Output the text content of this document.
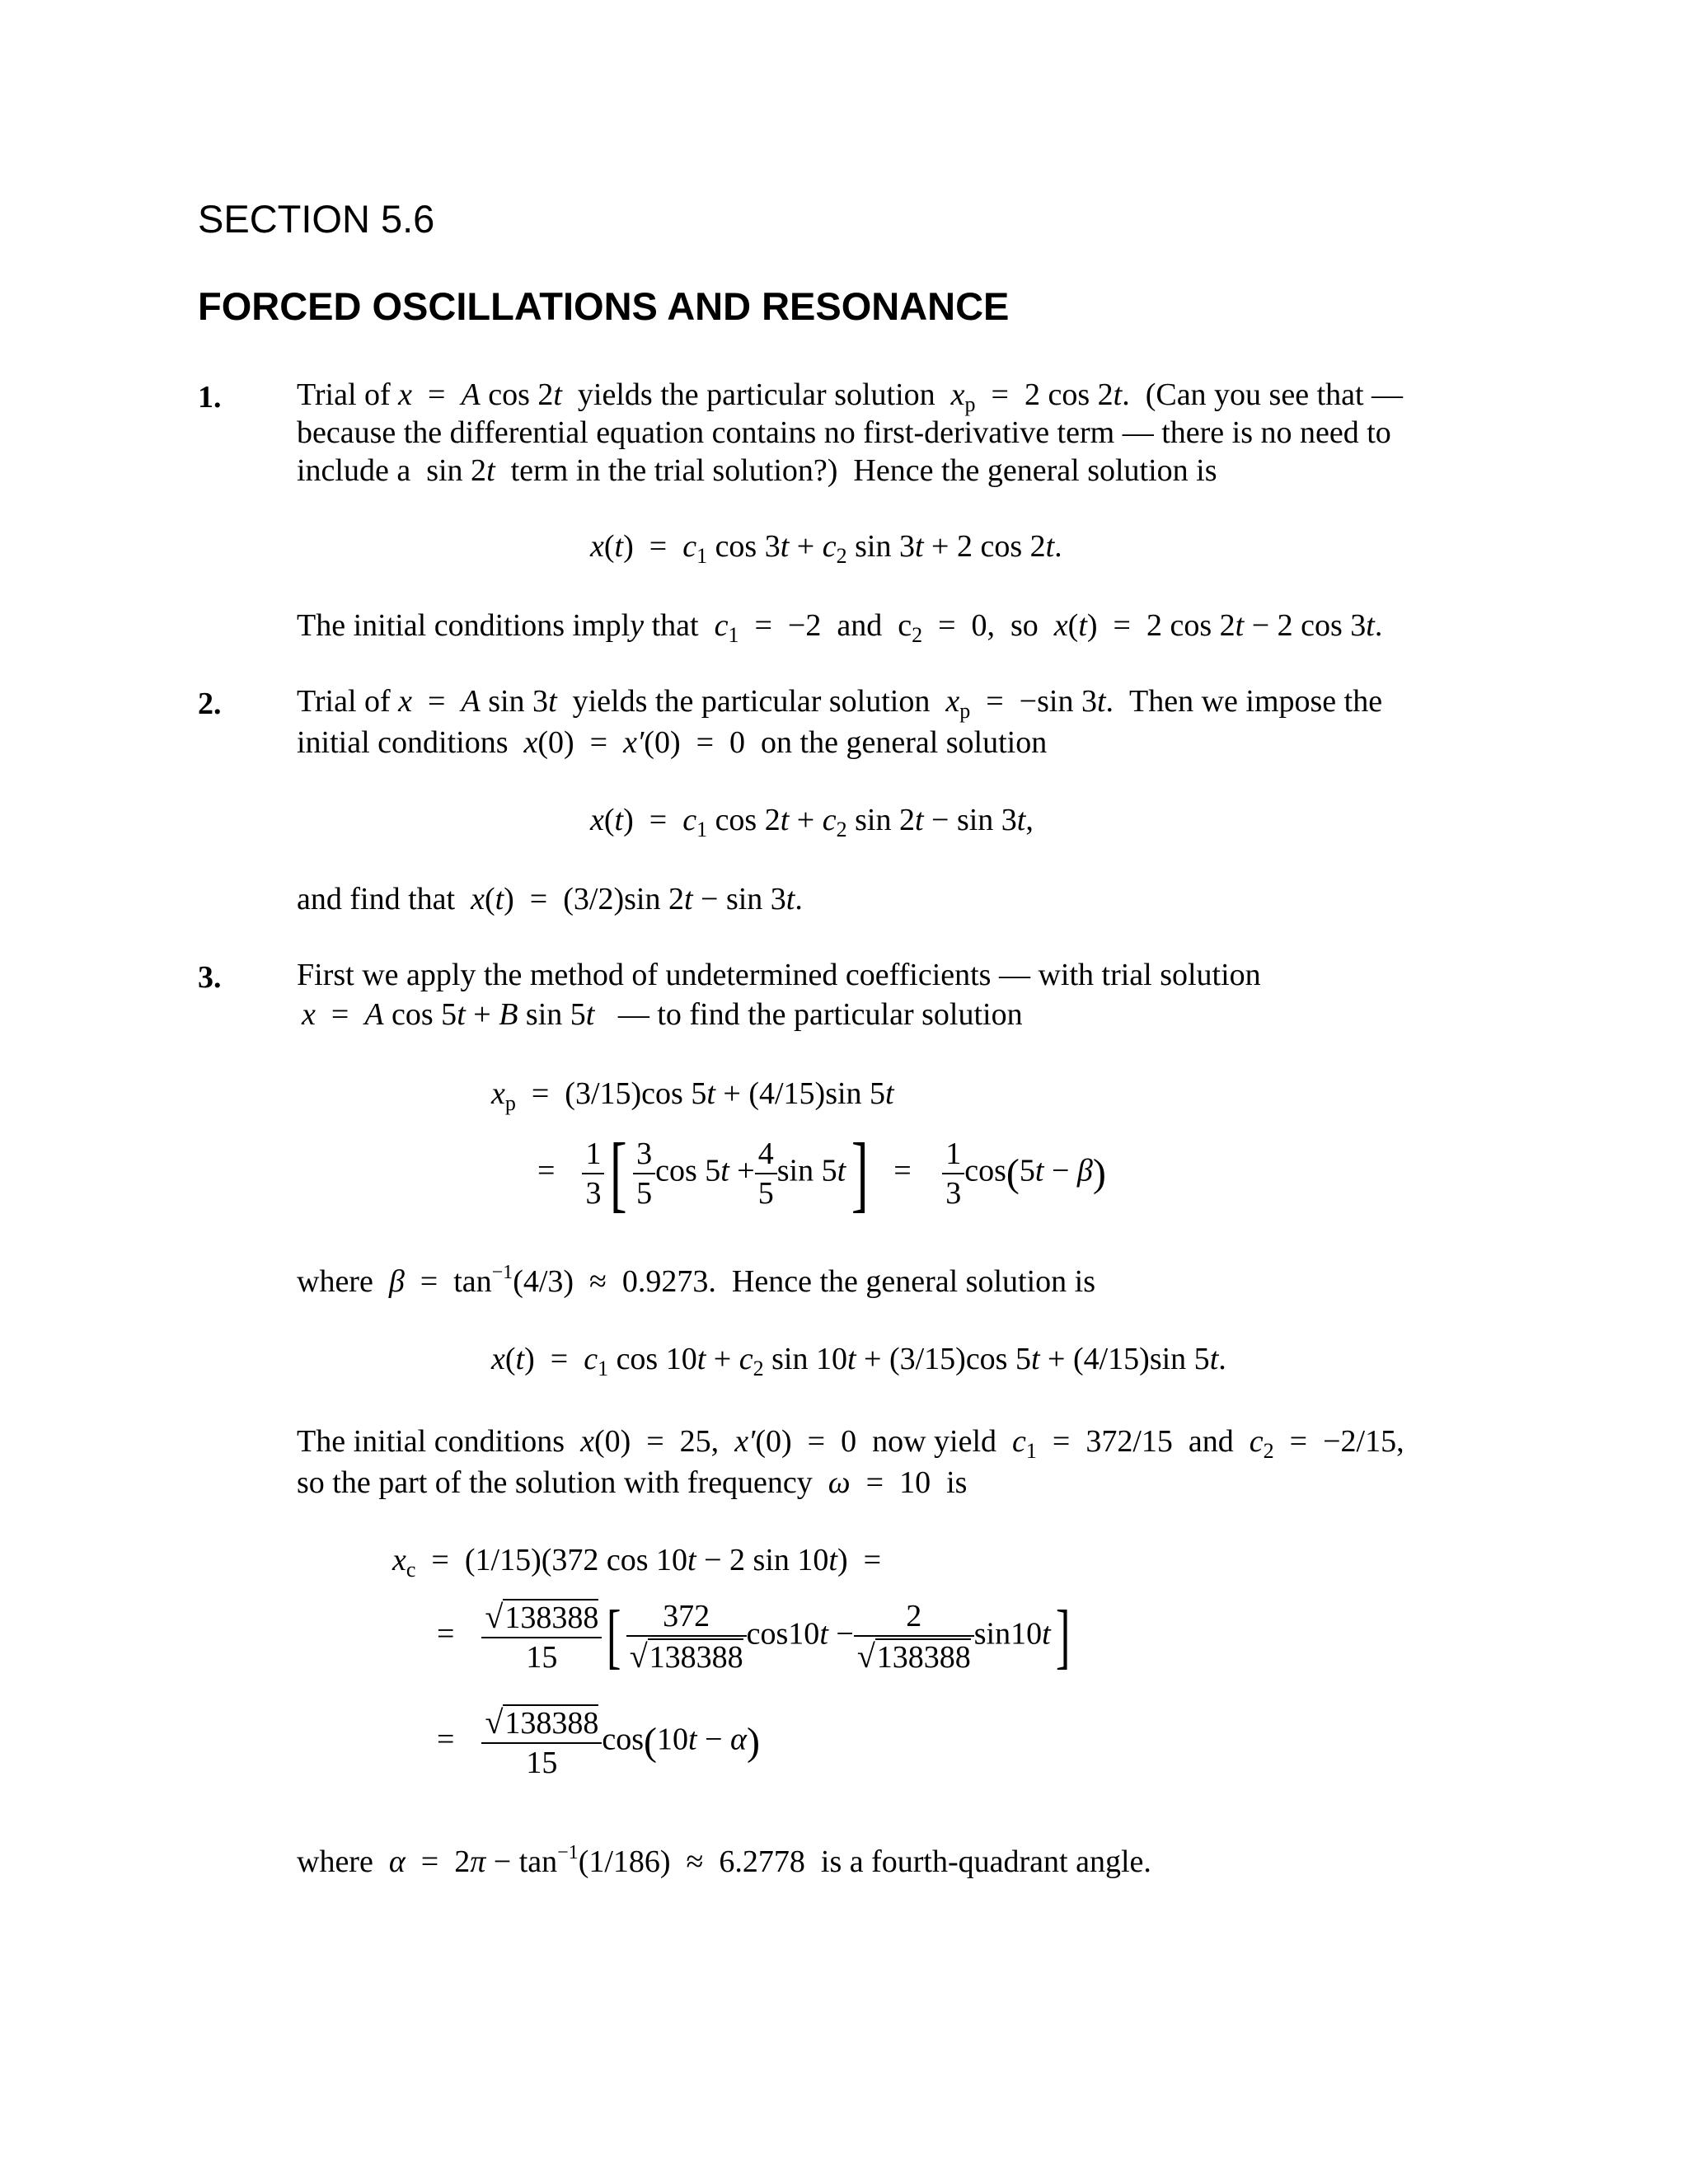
SECTION 5.6
FORCED OSCILLATIONS AND RESONANCE
1. Trial of x  =  A cos 2t  yields the particular solution  $x_p = 2$ cos 2t.  (Can you see that —
because the differential equation contains no first-derivative term — there is no need to
include a  sin 2t  term in the trial solution?)  Hence the general solution is
$x(t) = c_1$ $\cos 3t + c_2$ sin 3t + 2 cos 2t.
The initial conditions imply that  $c_1 = -2$  and  $c_2 = 0$,  so  x(t)  =  2 cos 2t − 2 cos 3t.
2. Trial of x  =  A sin 3t  yields the particular solution  $x_p = -\sin$ 3t.  Then we impose the
initial conditions  x(0)  =  x′(0)  =  0  on the general solution
$x(t) = c_1$ $\cos 2t + c_2$ sin 2t − sin 3t,
and find that  x(t)  =  (3/2)sin 2t − sin 3t.
3. First we apply the method of undetermined coefficients — with trial solution
x  =  A cos 5t + B sin 5t   — to find the particular solution
$x_p = (3/15)\cos$ 5t + (4/15)sin 5t
= $\frac{1}{3}$ [ $\frac{3}{5}$ $\cos 5t + \frac{4}{5}$ $\sin 5t] = \frac{1}{3} \cos(5t - \beta)$
where  $\beta = \tan^{-1}(4/3) \approx 0.9273$.  Hence the general solution is
$x(t) = c_1$ $\cos 10t + c_2$ sin 10t + (3/15)cos 5t + (4/15)sin 5t.
The initial conditions  x(0)  =  25,  x′(0)  =  0  now yield  $c_1 = 372/15$  and  $c_2 = -2/15$,
so the part of the solution with frequency  ω  =  10  is
$x_c = (1/15)(372$ cos 10t − 2 sin 10t)  =
= $\frac{√138388}{15}$ [ $\frac{372}{√138388} \cos 10t - \frac{2}{√138388} \sin 10t$]
= $\frac{√138388}{15} \cos(10t - \alpha)$
where  $\alpha = 2\pi - \tan^{-1}(1/186) \approx 6.2778$  is a fourth-quadrant angle.
